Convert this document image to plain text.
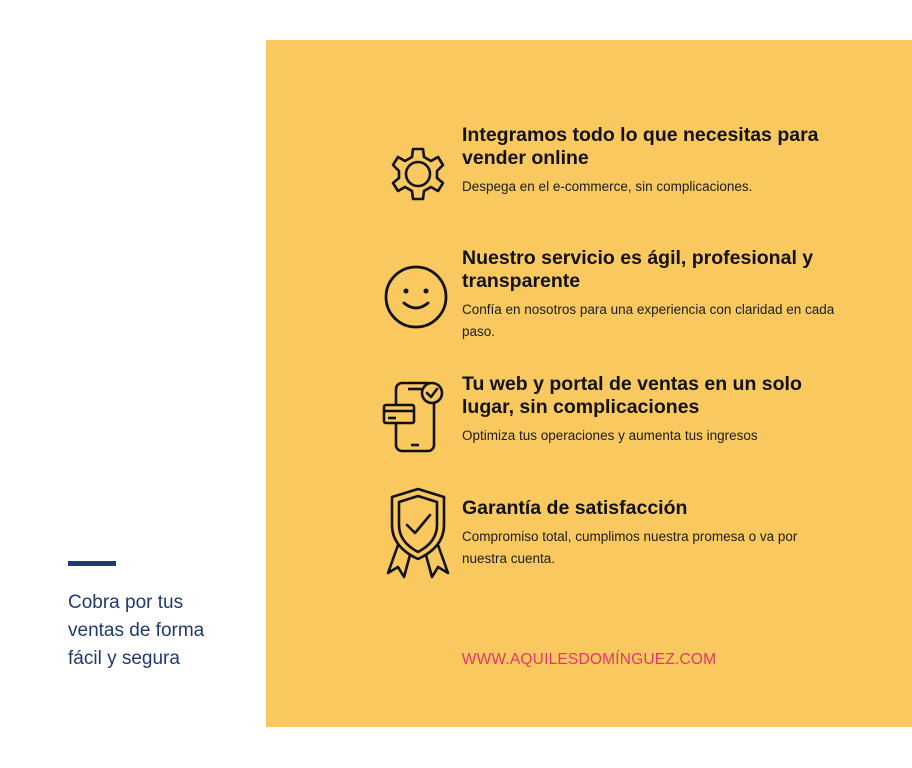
Cobra por tus
ventas de forma
fácil y segura

Integramos todo lo que necesitas para vender online

Despega en el e-commerce, sin complicaciones.

Nuestro servicio es ágil, profesional y transparente

Confía en nosotros para una experiencia con claridad en cada paso.

Tu web y portal de ventas en un solo lugar, sin complicaciones

Optimiza tus operaciones y aumenta tus ingresos

Garantía de satisfacción

Compromiso total, cumplimos nuestra promesa o va por nuestra cuenta.

WWW.AQUILESDOMÍNGUEZ.COM
